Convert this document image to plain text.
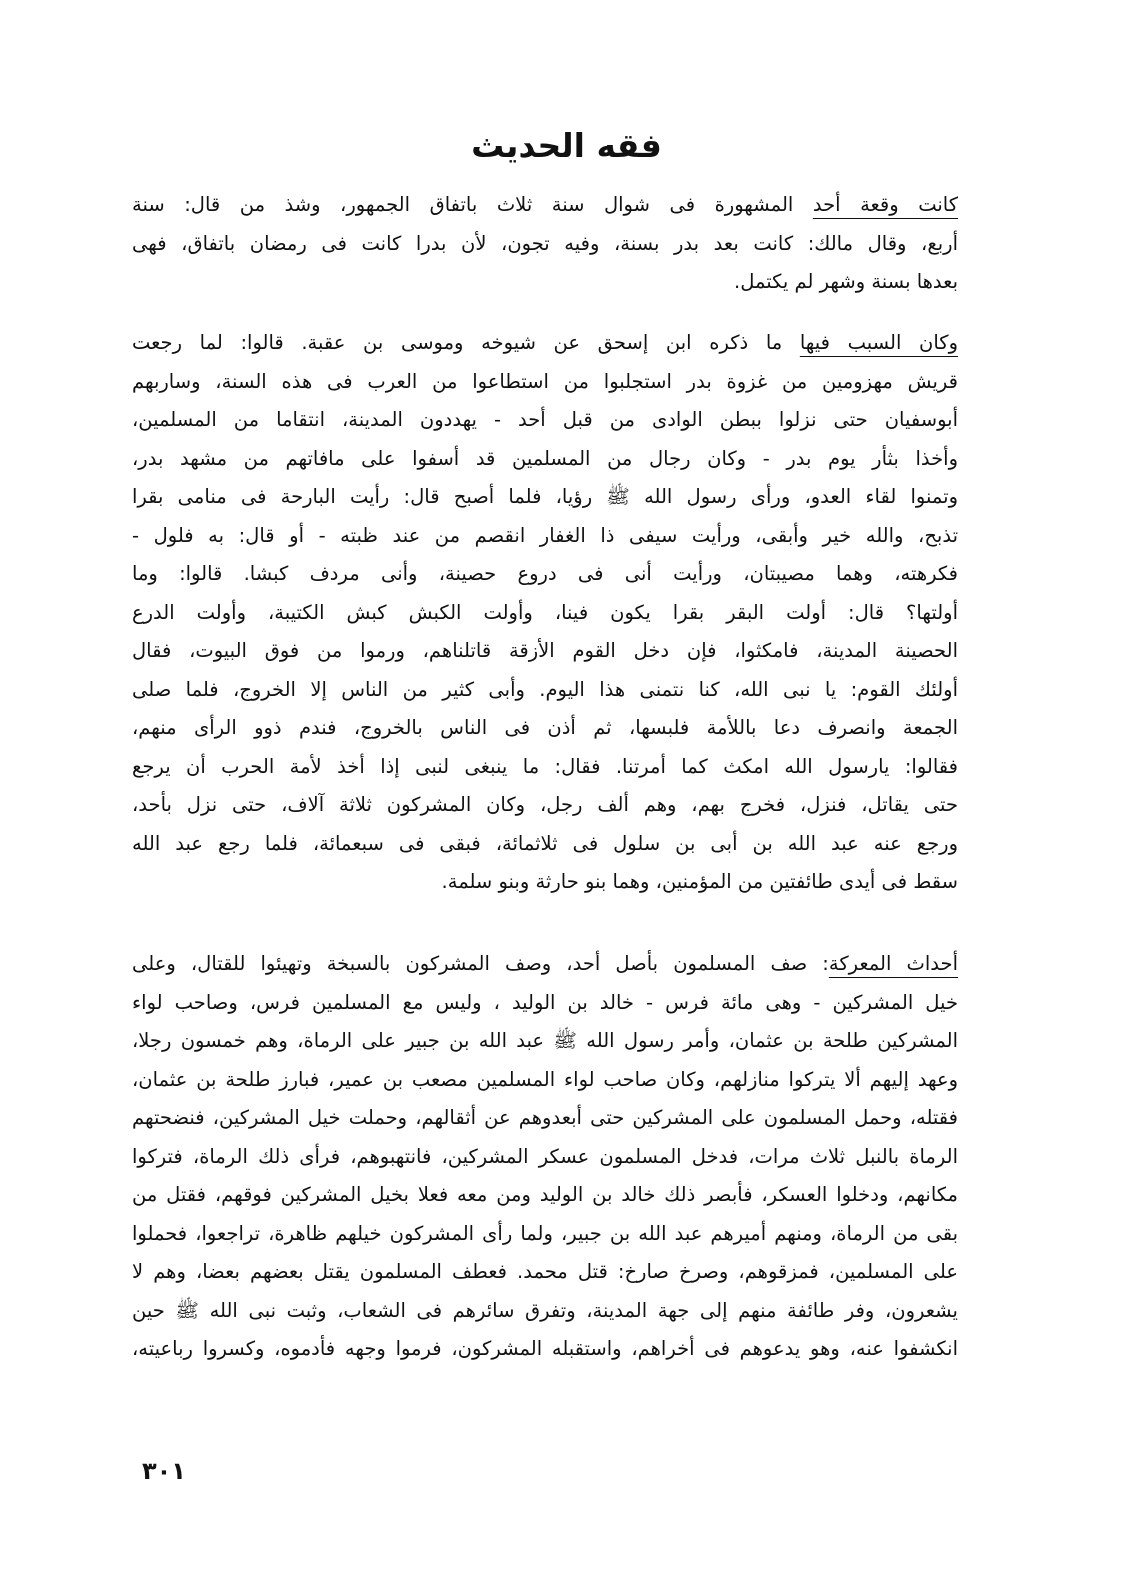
فقه الحديث
كانت وقعة أحد المشهورة فى شوال سنة ثلاث باتفاق الجمهور، وشذ من قال: سنة
أربع، وقال مالك: كانت بعد بدر بسنة، وفيه تجون، لأن بدرا كانت فى رمضان باتفاق، فهى
بعدها بسنة وشهر لم يكتمل.
وكان السبب فيها ما ذكره ابن إسحق عن شيوخه وموسى بن عقبة. قالوا: لما رجعت
قريش مهزومين من غزوة بدر استجلبوا من استطاعوا من العرب فى هذه السنة، وساربهم
أبوسفيان حتى نزلوا ببطن الوادى من قبل أحد - يهددون المدينة، انتقاما من المسلمين،
وأخذا بثأر يوم بدر - وكان رجال من المسلمين قد أسفوا على مافاتهم من مشهد بدر،
وتمنوا لقاء العدو، ورأى رسول الله ﷺ رؤيا، فلما أصبح قال: رأيت البارحة فى منامى بقرا
تذبح، والله خير وأبقى، ورأيت سيفى ذا الغفار انقصم من عند ظبته - أو قال: به فلول -
فكرهته، وهما مصيبتان، ورأيت أنى فى دروع حصينة، وأنى مردف كبشا. قالوا: وما
أولتها؟ قال: أولت البقر بقرا يكون فينا، وأولت الكبش كبش الكتيبة، وأولت الدرع
الحصينة المدينة، فامكثوا، فإن دخل القوم الأزقة قاتلناهم، ورموا من فوق البيوت، فقال
أولئك القوم: يا نبى الله، كنا نتمنى هذا اليوم. وأبى كثير من الناس إلا الخروج، فلما صلى
الجمعة وانصرف دعا باللأمة فلبسها، ثم أذن فى الناس بالخروج، فندم ذوو الرأى منهم،
فقالوا: يارسول الله امكث كما أمرتنا. فقال: ما ينبغى لنبى إذا أخذ لأمة الحرب أن يرجع
حتى يقاتل، فنزل، فخرج بهم، وهم ألف رجل، وكان المشركون ثلاثة آلاف، حتى نزل بأحد،
ورجع عنه عبد الله بن أبى بن سلول فى ثلاثمائة، فبقى فى سبعمائة، فلما رجع عبد الله
سقط فى أيدى طائفتين من المؤمنين، وهما بنو حارثة وبنو سلمة.
أحداث المعركة: صف المسلمون بأصل أحد، وصف المشركون بالسبخة وتهيئوا للقتال، وعلى
خيل المشركين - وهى مائة فرس - خالد بن الوليد ، وليس مع المسلمين فرس، وصاحب لواء
المشركين طلحة بن عثمان، وأمر رسول الله ﷺ عبد الله بن جبير على الرماة، وهم خمسون رجلا،
وعهد إليهم ألا يتركوا منازلهم، وكان صاحب لواء المسلمين مصعب بن عمير، فبارز طلحة بن عثمان،
فقتله، وحمل المسلمون على المشركين حتى أبعدوهم عن أثقالهم، وحملت خيل المشركين، فنضحتهم
الرماة بالنبل ثلاث مرات، فدخل المسلمون عسكر المشركين، فانتهبوهم، فرأى ذلك الرماة، فتركوا
مكانهم، ودخلوا العسكر، فأبصر ذلك خالد بن الوليد ومن معه فعلا بخيل المشركين فوقهم، فقتل من
بقى من الرماة، ومنهم أميرهم عبد الله بن جبير، ولما رأى المشركون خيلهم ظاهرة، تراجعوا، فحملوا
على المسلمين، فمزقوهم، وصرخ صارخ: قتل محمد. فعطف المسلمون يقتل بعضهم بعضا، وهم لا
يشعرون، وفر طائفة منهم إلى جهة المدينة، وتفرق سائرهم فى الشعاب، وثبت نبى الله ﷺ حين
انكشفوا عنه، وهو يدعوهم فى أخراهم، واستقبله المشركون، فرموا وجهه فأدموه، وكسروا رباعيته،
٣٠١
